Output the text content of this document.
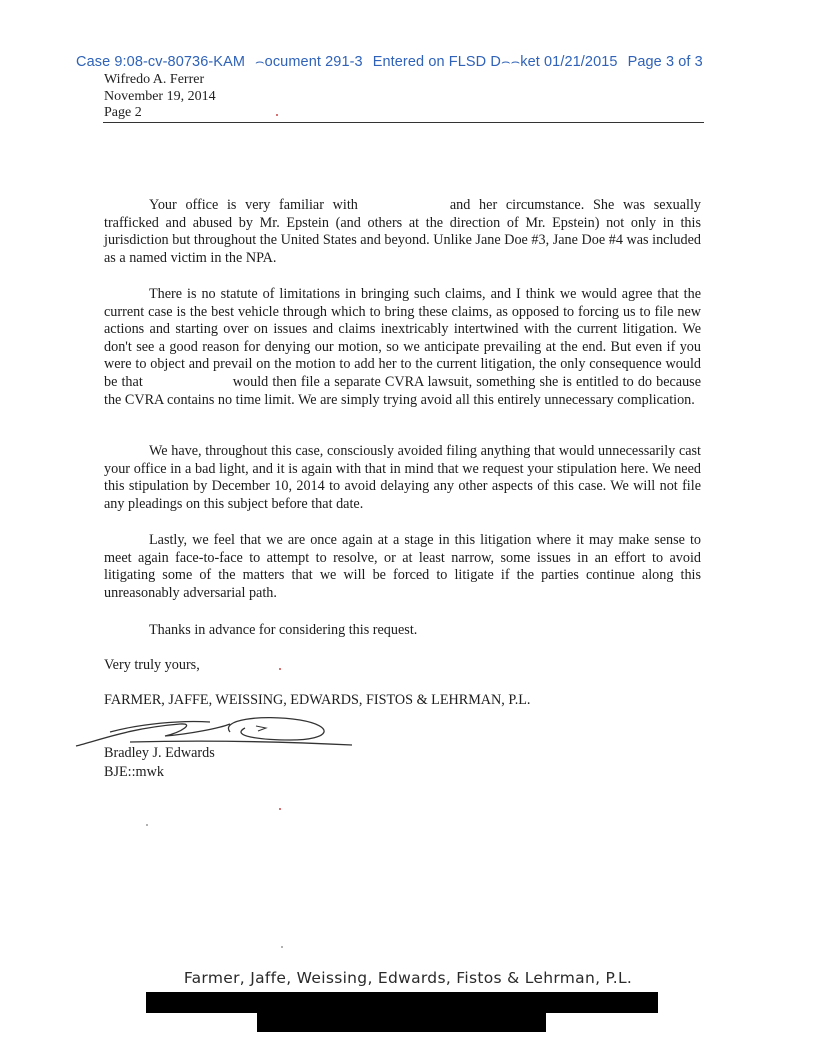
Case 9:08-cv-80736-KAM ⌢ocument 291-3 Entered on FLSD D⌢⌢ket 01/21/2015 Page 3 of 3
Wifredo A. Ferrer
November 19, 2014
Page 2
Your office is very familiar with	and her circumstance. She was sexually trafficked and abused by Mr. Epstein (and others at the direction of Mr. Epstein) not only in this jurisdiction but throughout the United States and beyond. Unlike Jane Doe #3, Jane Doe #4 was included as a named victim in the NPA.
There is no statute of limitations in bringing such claims, and I think we would agree that the current case is the best vehicle through which to bring these claims, as opposed to forcing us to file new actions and starting over on issues and claims inextricably intertwined with the current litigation. We don't see a good reason for denying our motion, so we anticipate prevailing at the end. But even if you were to object and prevail on the motion to add her to the current litigation, the only consequence would be that	would then file a separate CVRA lawsuit, something she is entitled to do because the CVRA contains no time limit. We are simply trying avoid all this entirely unnecessary complication.
We have, throughout this case, consciously avoided filing anything that would unnecessarily cast your office in a bad light, and it is again with that in mind that we request your stipulation here. We need this stipulation by December 10, 2014 to avoid delaying any other aspects of this case. We will not file any pleadings on this subject before that date.
Lastly, we feel that we are once again at a stage in this litigation where it may make sense to meet again face-to-face to attempt to resolve, or at least narrow, some issues in an effort to avoid litigating some of the matters that we will be forced to litigate if the parties continue along this unreasonably adversarial path.
Thanks in advance for considering this request.
Very truly yours,
FARMER, JAFFE, WEISSING, EDWARDS, FISTOS & LEHRMAN, P.L.
Bradley J. Edwards
BJE::mwk
Farmer, Jaffe, Weissing, Edwards, Fistos & Lehrman, P.L.
